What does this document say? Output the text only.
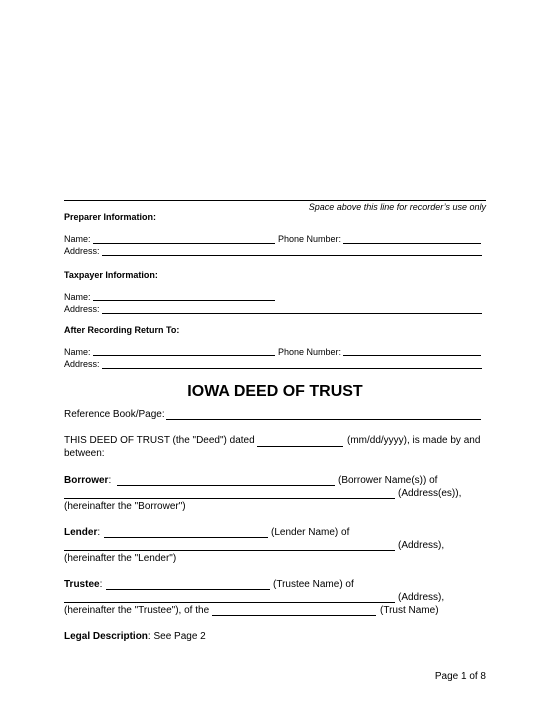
Space above this line for recorder’s use only
Preparer Information:
Name:	Phone Number:
Address:
Taxpayer Information:
Name:
Address:
After Recording Return To:
Name:	Phone Number:
Address:
IOWA DEED OF TRUST
Reference Book/Page:
THIS DEED OF TRUST (the "Deed") dated	(mm/dd/yyyy), is made by and
between:
Borrower:	(Borrower Name(s)) of
(Address(es)),
(hereinafter the "Borrower")
Lender:	(Lender Name) of
(Address),
(hereinafter the "Lender")
Trustee:	(Trustee Name) of
(Address),
(hereinafter the "Trustee"), of the	(Trust Name)
Legal Description: See Page 2
Page 1 of 8
